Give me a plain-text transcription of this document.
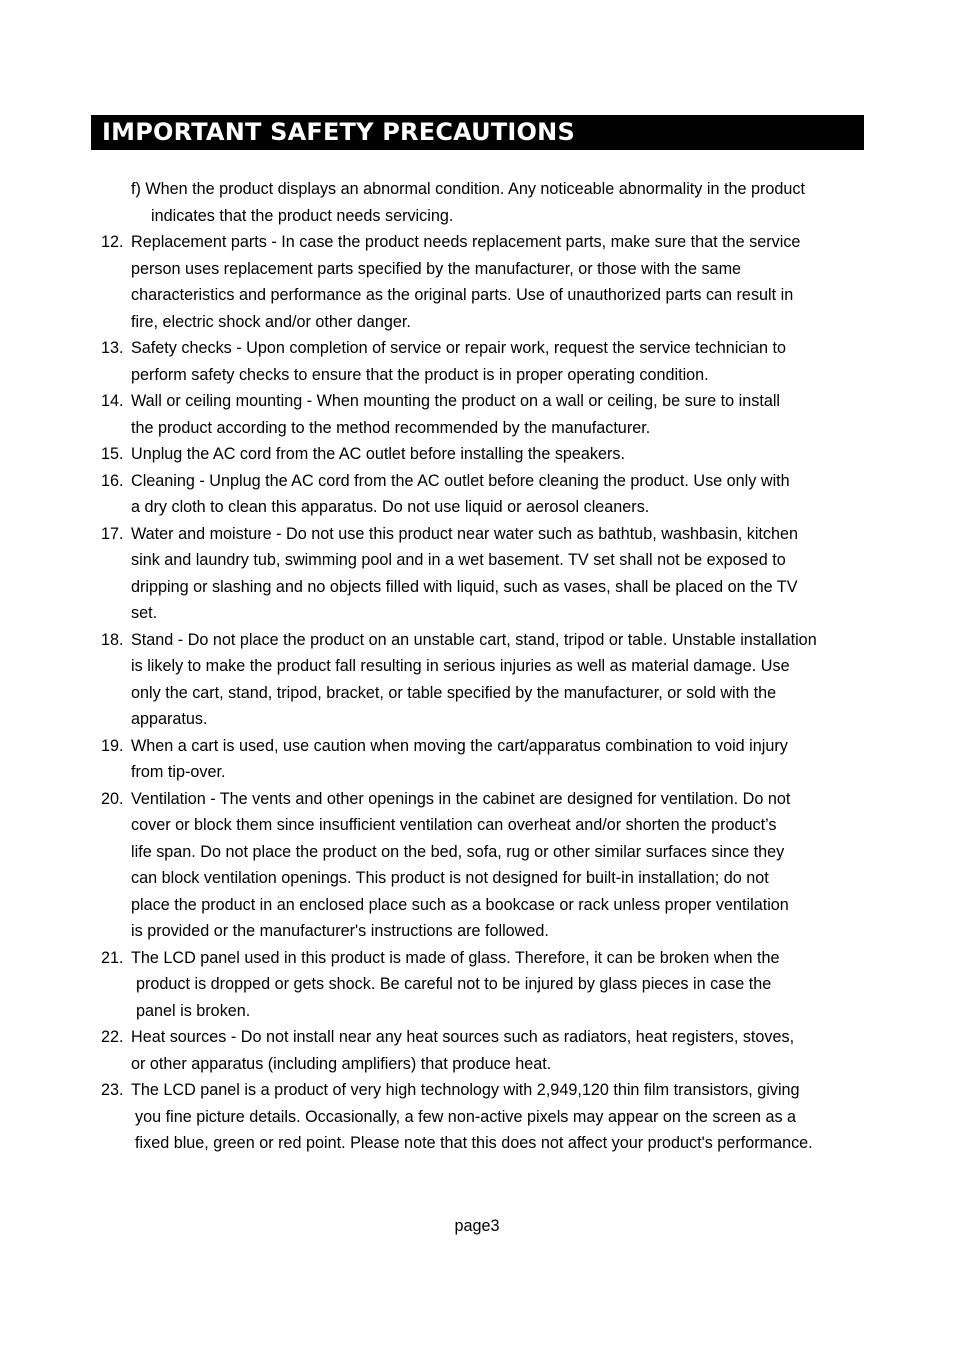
IMPORTANT SAFETY PRECAUTIONS
f) When the product displays an abnormal condition. Any noticeable abnormality in the product
indicates that the product needs servicing.
12. Replacement parts - In case the product needs replacement parts, make sure that the service
person uses replacement parts specified by the manufacturer, or those with the same
characteristics and performance as the original parts. Use of unauthorized parts can result in
fire, electric shock and/or other danger.
13. Safety checks - Upon completion of service or repair work, request the service technician to
perform safety checks to ensure that the product is in proper operating condition.
14. Wall or ceiling mounting - When mounting the product on a wall or ceiling, be sure to install
the product according to the method recommended by the manufacturer.
15. Unplug the AC cord from the AC outlet before installing the speakers.
16. Cleaning - Unplug the AC cord from the AC outlet before cleaning the product. Use only with
a dry cloth to clean this apparatus. Do not use liquid or aerosol cleaners.
17. Water and moisture - Do not use this product near water such as bathtub, washbasin, kitchen
sink and laundry tub, swimming pool and in a wet basement. TV set shall not be exposed to
dripping or slashing and no objects filled with liquid, such as vases, shall be placed on the TV
set.
18. Stand - Do not place the product on an unstable cart, stand, tripod or table. Unstable installation
is likely to make the product fall resulting in serious injuries as well as material damage. Use
only the cart, stand, tripod, bracket, or table specified by the manufacturer, or sold with the
apparatus.
19. When a cart is used, use caution when moving the cart/apparatus combination to void injury
from tip-over.
20. Ventilation - The vents and other openings in the cabinet are designed for ventilation. Do not
cover or block them since insufficient ventilation can overheat and/or shorten the product’s
life span. Do not place the product on the bed, sofa, rug or other similar surfaces since they
can block ventilation openings. This product is not designed for built-in installation; do not
place the product in an enclosed place such as a bookcase or rack unless proper ventilation
is provided or the manufacturer's instructions are followed.
21. The LCD panel used in this product is made of glass. Therefore, it can be broken when the
product is dropped or gets shock. Be careful not to be injured by glass pieces in case the
panel is broken.
22. Heat sources - Do not install near any heat sources such as radiators, heat registers, stoves,
or other apparatus (including amplifiers) that produce heat.
23. The LCD panel is a product of very high technology with 2,949,120 thin film transistors, giving
you fine picture details. Occasionally, a few non-active pixels may appear on the screen as a
fixed blue, green or red point. Please note that this does not affect your product's performance.
page3
